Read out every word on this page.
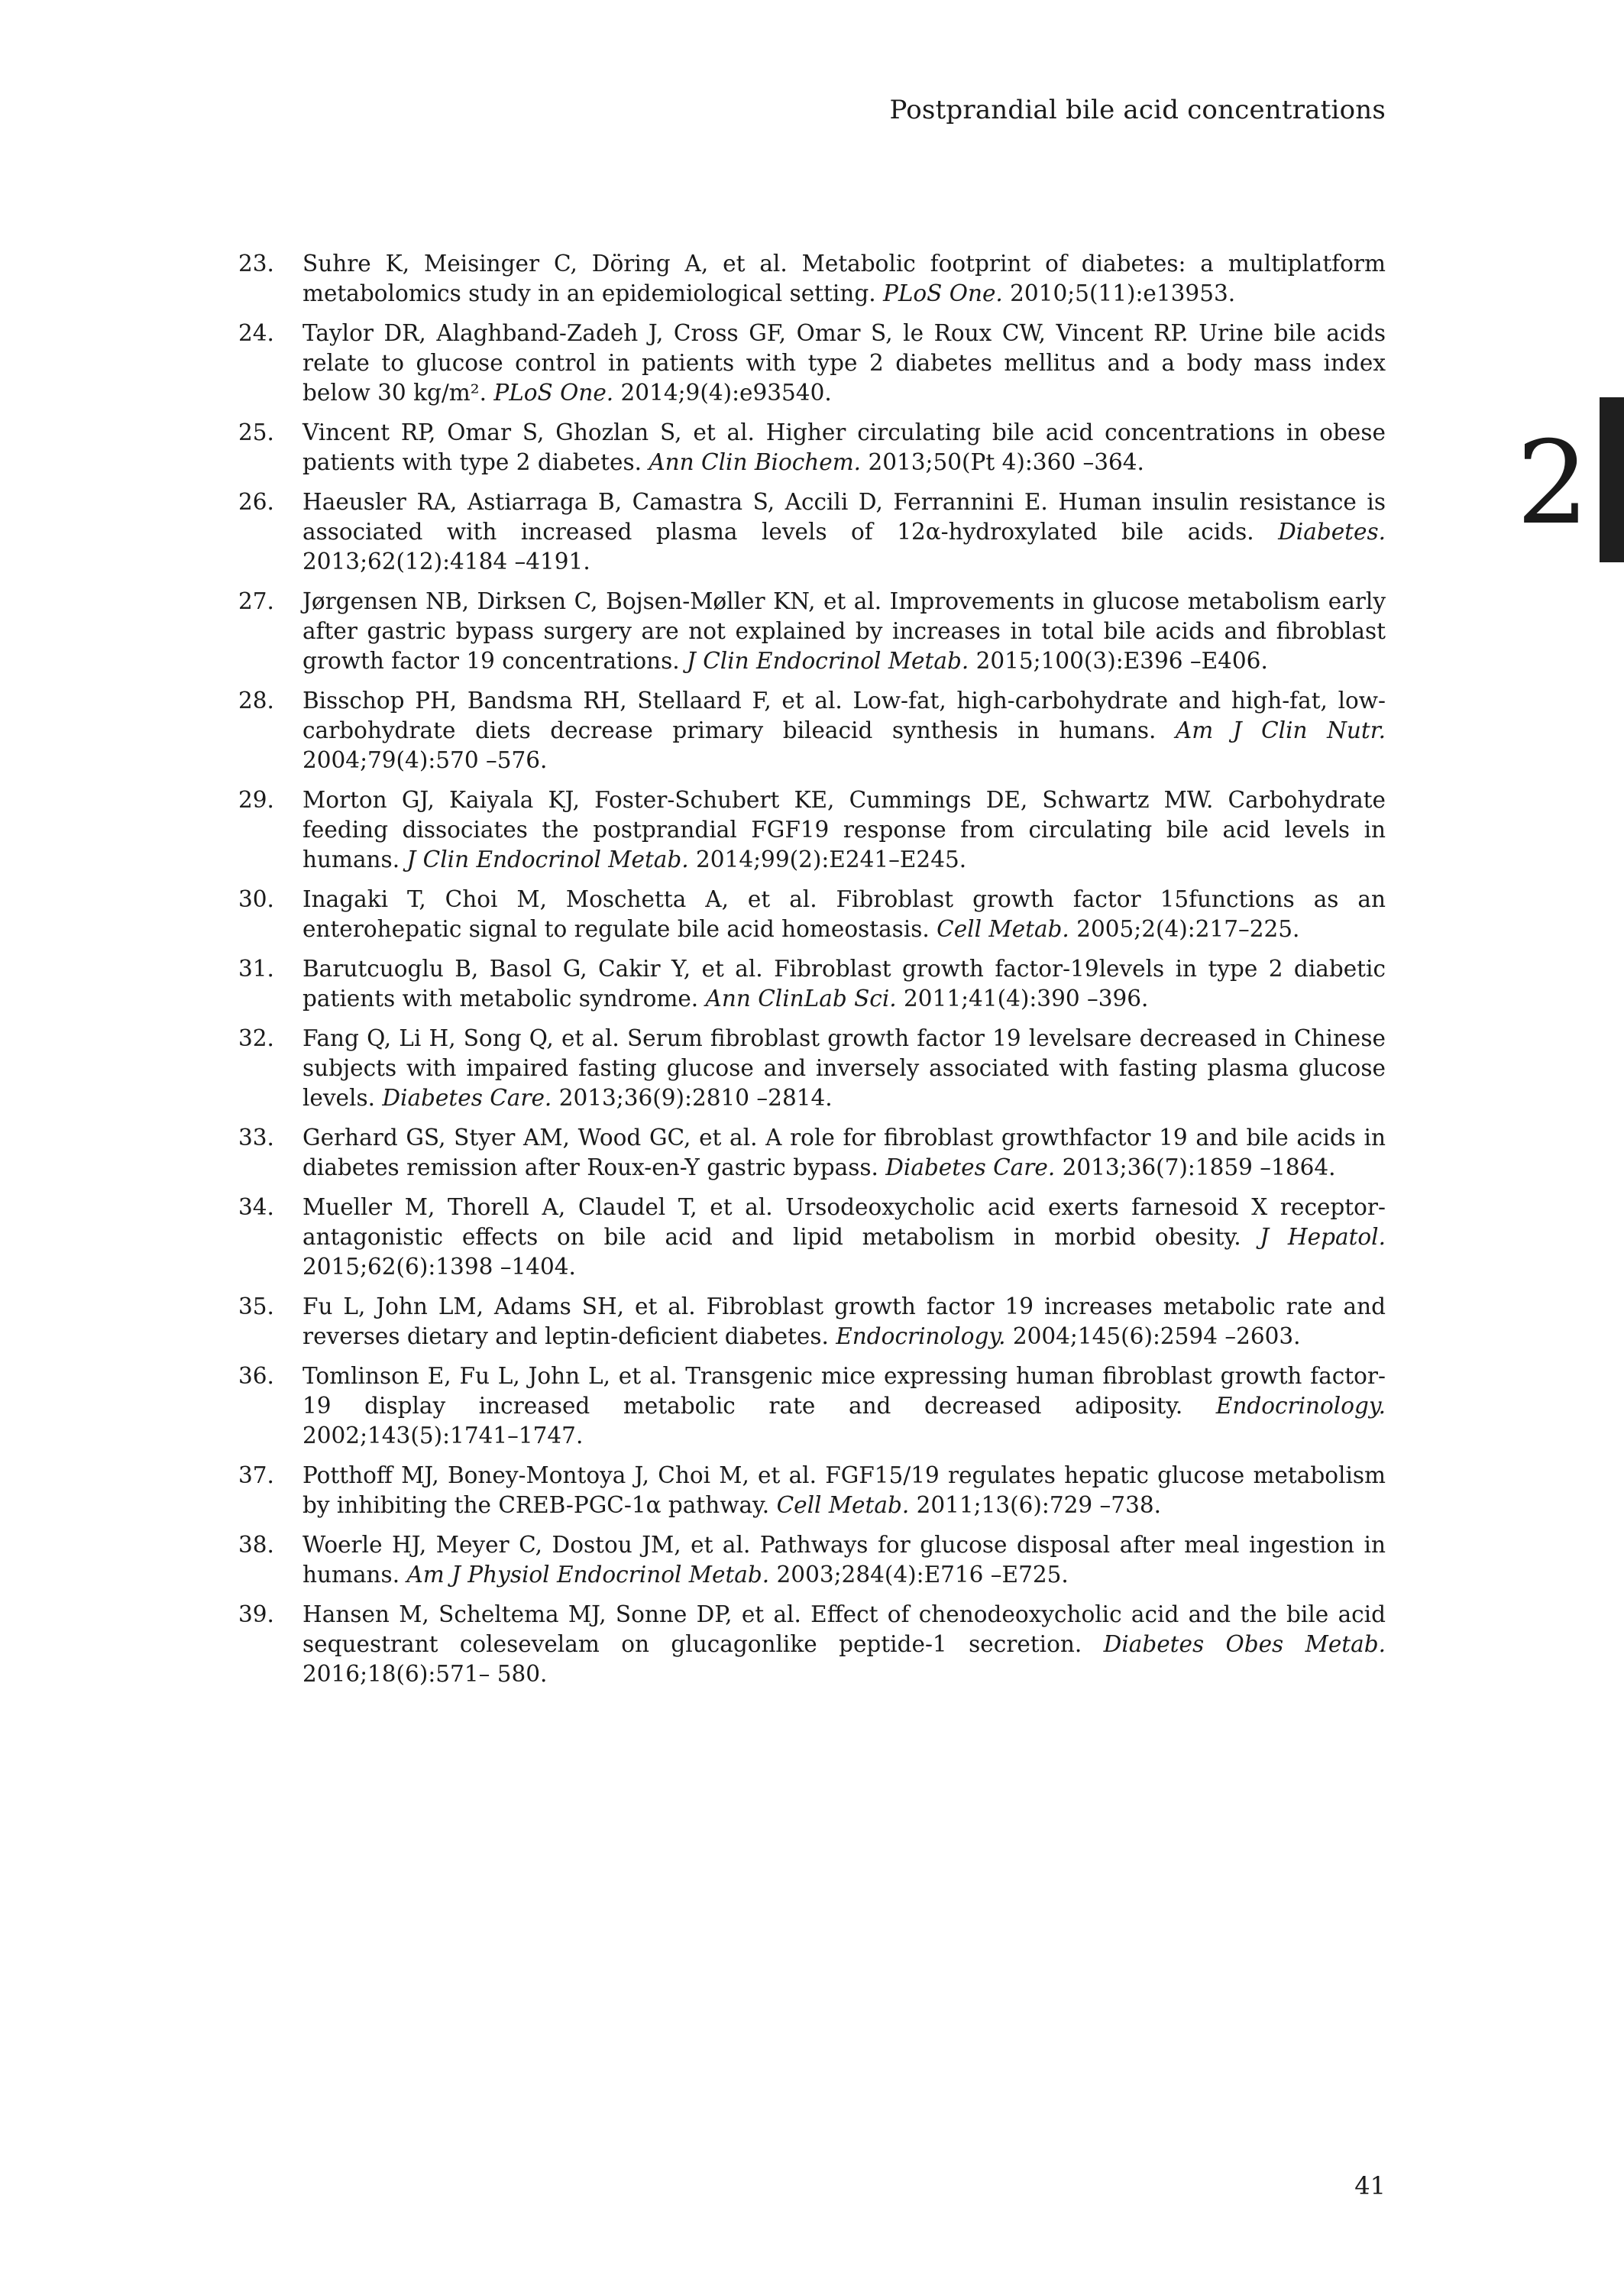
Postprandial bile acid concentrations
23.	Suhre K, Meisinger C, Döring A, et al. Metabolic footprint of diabetes: a multiplatform metabolomics study in an epidemiological setting. PLoS One. 2010;5(11):e13953.
24.	Taylor DR, Alaghband-Zadeh J, Cross GF, Omar S, le Roux CW, Vincent RP. Urine bile acids relate to glucose control in patients with type 2 diabetes mellitus and a body mass index below 30 kg/m². PLoS One. 2014;9(4):e93540.
25.	Vincent RP, Omar S, Ghozlan S, et al. Higher circulating bile acid concentrations in obese patients with type 2 diabetes. Ann Clin Biochem. 2013;50(Pt 4):360 –364.
26.	Haeusler RA, Astiarraga B, Camastra S, Accili D, Ferrannini E. Human insulin resistance is associated with increased plasma levels of 12α-hydroxylated bile acids. Diabetes. 2013;62(12):4184 –4191.
27.	Jørgensen NB, Dirksen C, Bojsen-Møller KN, et al. Improvements in glucose metabolism early after gastric bypass surgery are not explained by increases in total bile acids and fibroblast growth factor 19 concentrations. J Clin Endocrinol Metab. 2015;100(3):E396 –E406.
28.	Bisschop PH, Bandsma RH, Stellaard F, et al. Low-fat, high-carbohydrate and high-fat, low-carbohydrate diets decrease primary bileacid synthesis in humans. Am J Clin Nutr. 2004;79(4):570 –576.
29.	Morton GJ, Kaiyala KJ, Foster-Schubert KE, Cummings DE, Schwartz MW. Carbohydrate feeding dissociates the postprandial FGF19 response from circulating bile acid levels in humans. J Clin Endocrinol Metab. 2014;99(2):E241–E245.
30.	Inagaki T, Choi M, Moschetta A, et al. Fibroblast growth factor 15functions as an enterohepatic signal to regulate bile acid homeostasis. Cell Metab. 2005;2(4):217–225.
31.	Barutcuoglu B, Basol G, Cakir Y, et al. Fibroblast growth factor-19levels in type 2 diabetic patients with metabolic syndrome. Ann ClinLab Sci. 2011;41(4):390 –396.
32.	Fang Q, Li H, Song Q, et al. Serum fibroblast growth factor 19 levelsare decreased in Chinese subjects with impaired fasting glucose and inversely associated with fasting plasma glucose levels. Diabetes Care. 2013;36(9):2810 –2814.
33.	Gerhard GS, Styer AM, Wood GC, et al. A role for fibroblast growthfactor 19 and bile acids in diabetes remission after Roux-en-Y gastric bypass. Diabetes Care. 2013;36(7):1859 –1864.
34.	Mueller M, Thorell A, Claudel T, et al. Ursodeoxycholic acid exerts farnesoid X receptor-antagonistic effects on bile acid and lipid metabolism in morbid obesity. J Hepatol. 2015;62(6):1398 –1404.
35.	Fu L, John LM, Adams SH, et al. Fibroblast growth factor 19 increases metabolic rate and reverses dietary and leptin-deficient diabetes. Endocrinology. 2004;145(6):2594 –2603.
36.	Tomlinson E, Fu L, John L, et al. Transgenic mice expressing human fibroblast growth factor-19 display increased metabolic rate and decreased adiposity. Endocrinology. 2002;143(5):1741–1747.
37.	Potthoff MJ, Boney-Montoya J, Choi M, et al. FGF15/19 regulates hepatic glucose metabolism by inhibiting the CREB-PGC-1α pathway. Cell Metab. 2011;13(6):729 –738.
38.	Woerle HJ, Meyer C, Dostou JM, et al. Pathways for glucose disposal after meal ingestion in humans. Am J Physiol Endocrinol Metab. 2003;284(4):E716 –E725.
39.	Hansen M, Scheltema MJ, Sonne DP, et al. Effect of chenodeoxycholic acid and the bile acid sequestrant colesevelam on glucagonlike peptide-1 secretion. Diabetes Obes Metab. 2016;18(6):571– 580.
2
41
